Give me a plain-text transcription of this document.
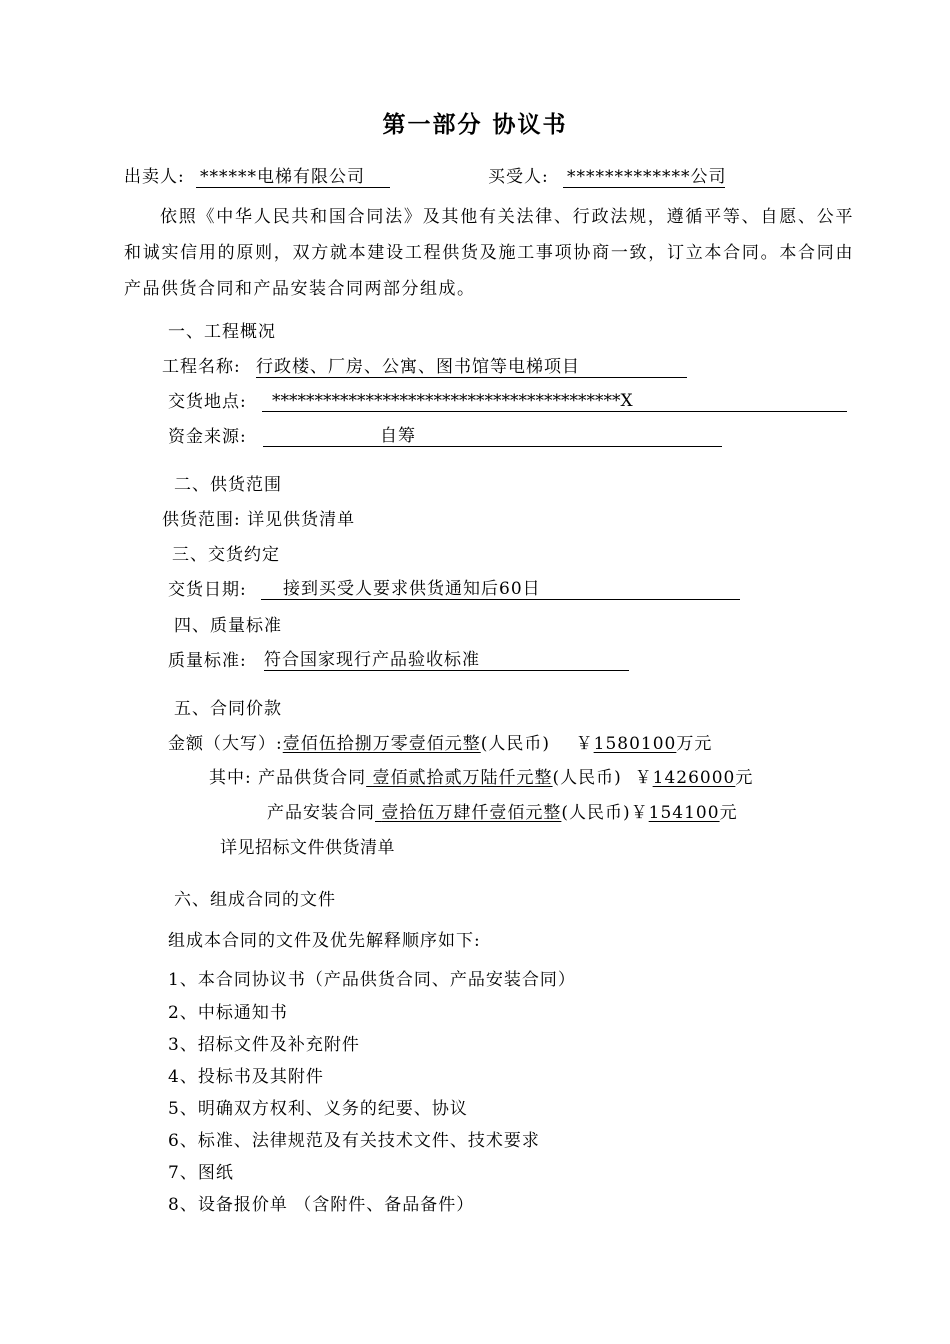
第一部分 协议书
出卖人: ******电梯有限公司	买受人: *************公司
依照《中华人民共和国合同法》及其他有关法律、行政法规，遵循平等、自愿、公平和诚实信用的原则，双方就本建设工程供货及施工事项协商一致，订立本合同。本合同由产品供货合同和产品安装合同两部分组成。
一、工程概况
工程名称: 行政楼、厂房、公寓、图书馆等电梯项目
交货地点:	*****************************************X
资金来源:	自筹
二、供货范围
供货范围: 详见供货清单
三、交货约定
交货日期:	接到买受人要求供货通知后60日
四、质量标准
质量标准: 符合国家现行产品验收标准
五、合同价款
金额（大写）:壹佰伍拾捌万零壹佰元整(人民币) ￥1580100万元
其中: 产品供货合同 壹佰贰拾贰万陆仟元整(人民币) ￥1426000元
产品安装合同 壹拾伍万肆仟壹佰元整(人民币)￥154100元
详见招标文件供货清单
六、组成合同的文件
组成本合同的文件及优先解释顺序如下:
1、本合同协议书（产品供货合同、产品安装合同）
2、中标通知书
3、招标文件及补充附件
4、投标书及其附件
5、明确双方权利、义务的纪要、协议
6、标准、法律规范及有关技术文件、技术要求
7、图纸
8、设备报价单 （含附件、备品备件）
